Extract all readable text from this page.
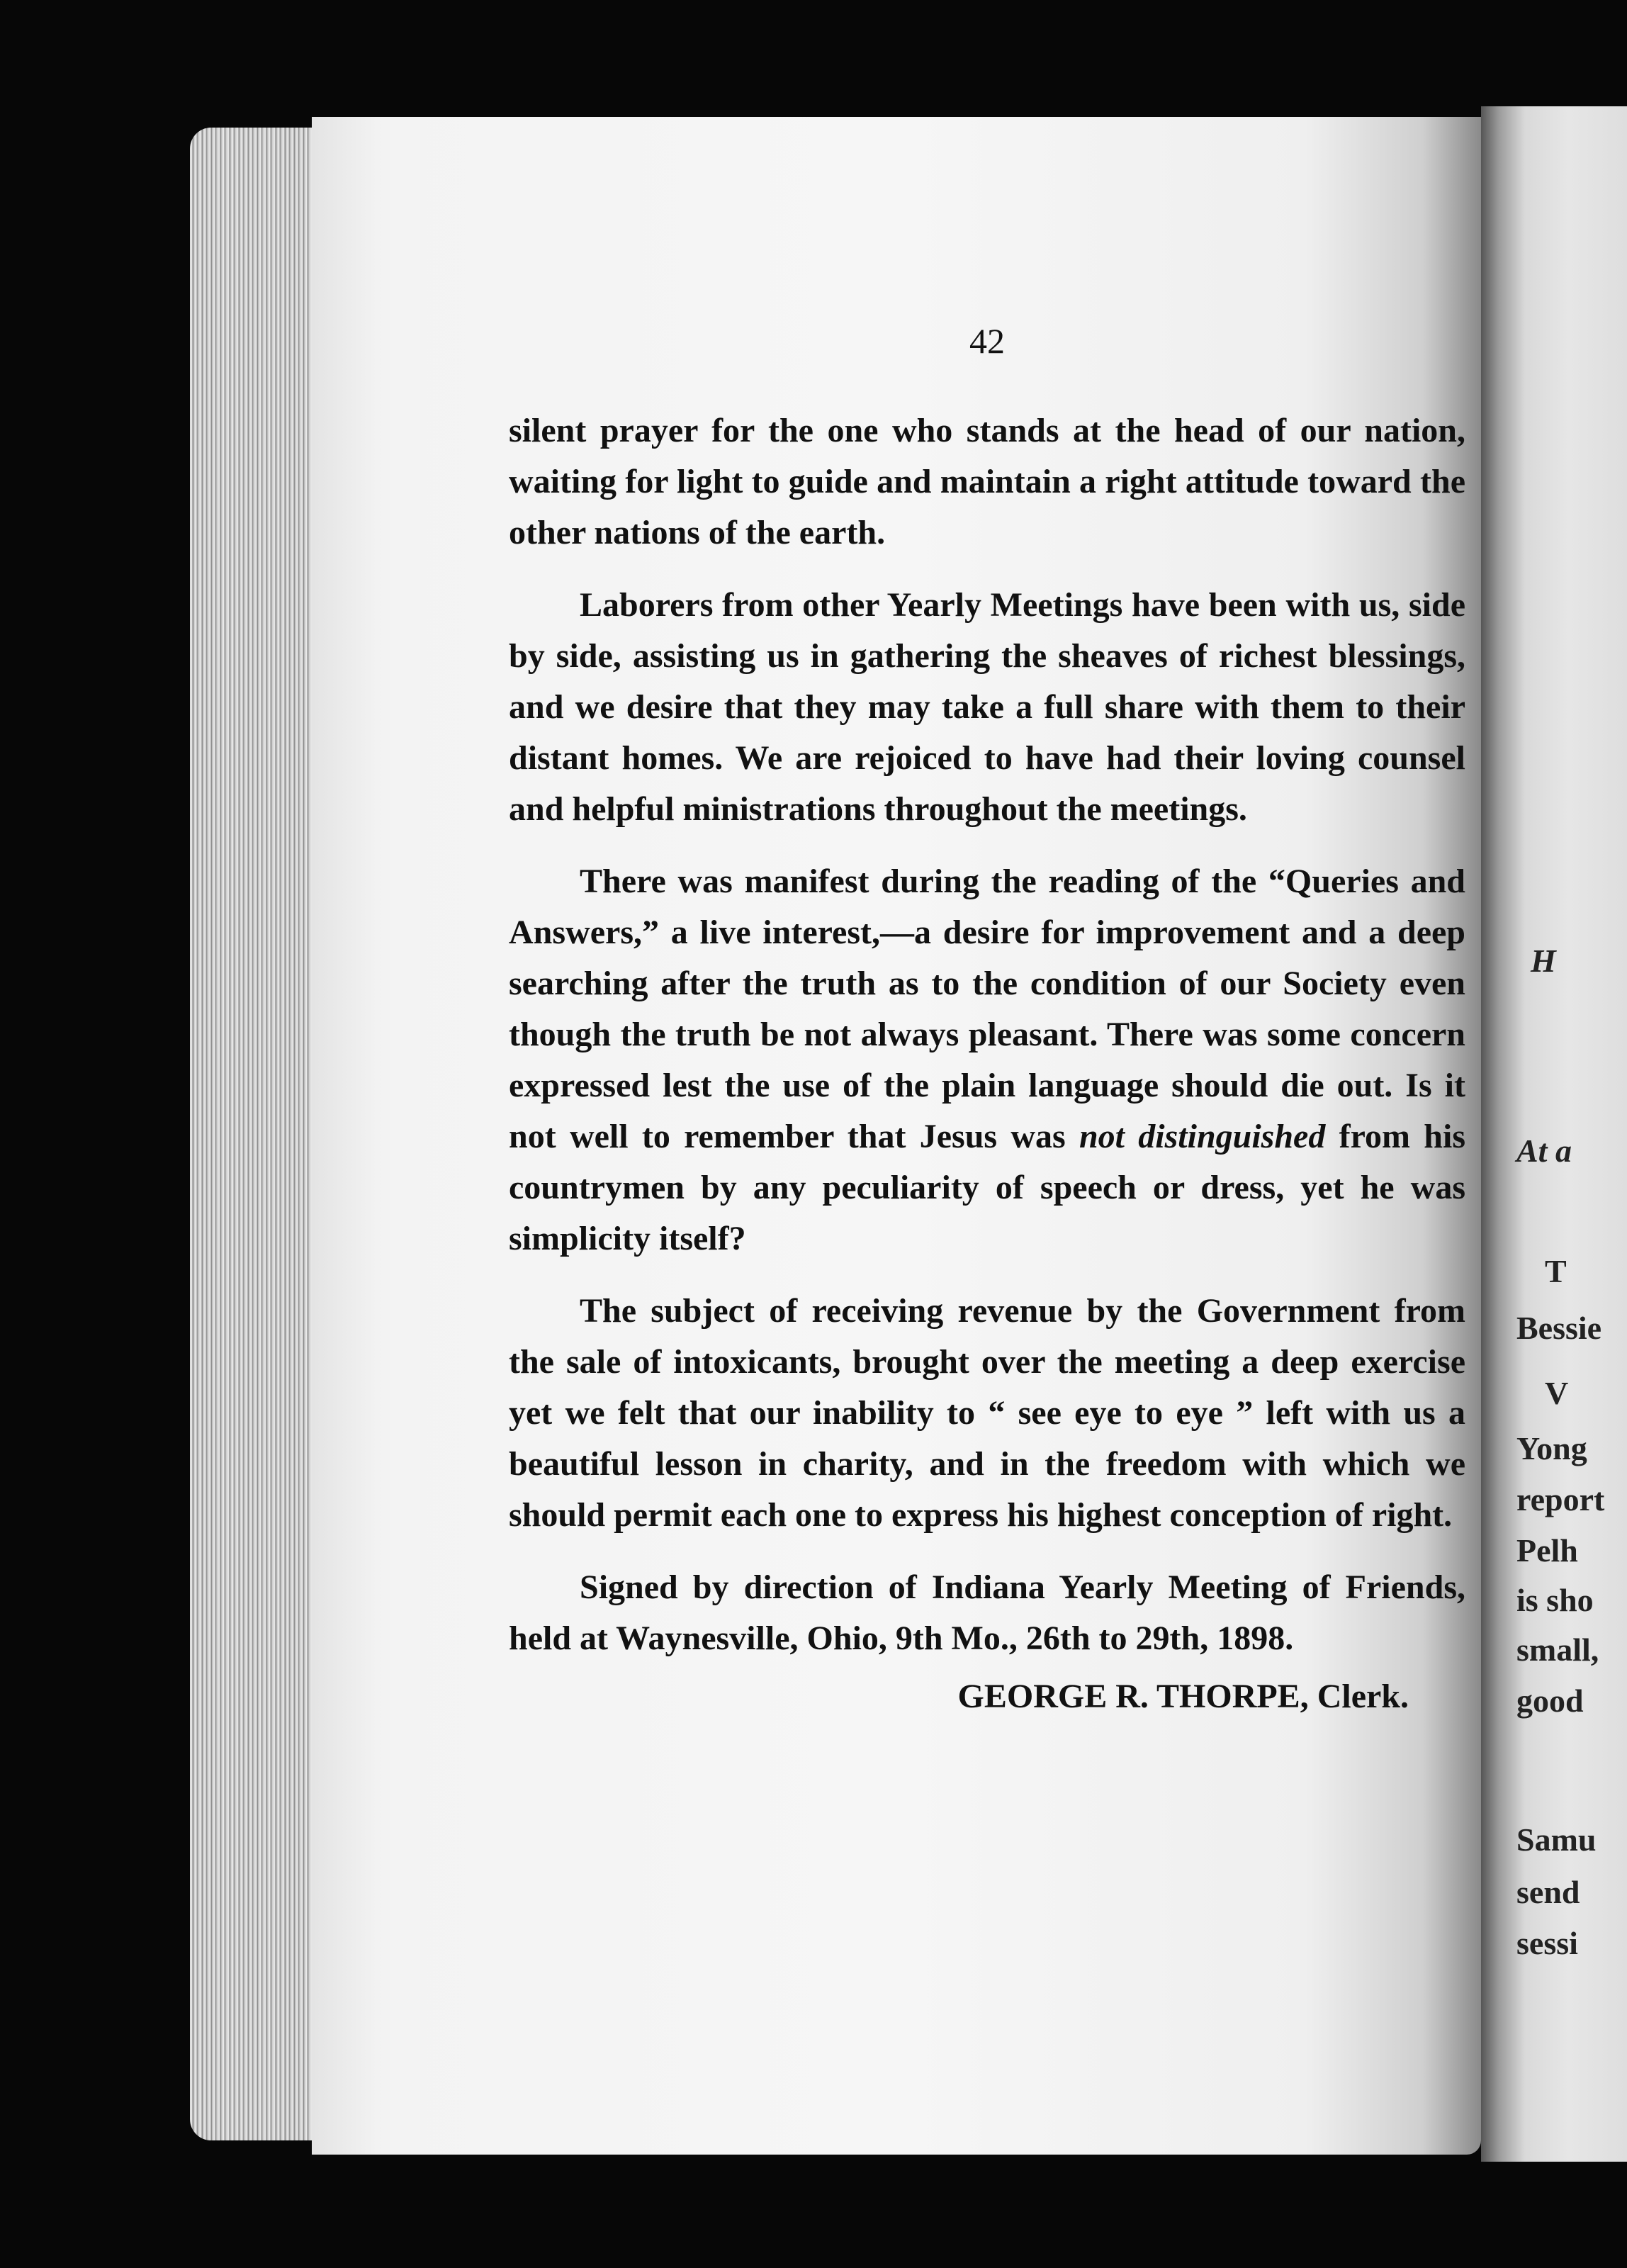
42

silent prayer for the one who stands at the head of our nation, waiting for light to guide and maintain a right attitude toward the other nations of the earth.

Laborers from other Yearly Meetings have been with us, side by side, assisting us in gathering the sheaves of richest blessings, and we desire that they may take a full share with them to their distant homes. We are rejoiced to have had their loving counsel and helpful ministrations throughout the meetings.

There was manifest during the reading of the “Queries and Answers,” a live interest,—a desire for improvement and a deep searching after the truth as to the condition of our Society even though the truth be not always pleasant. There was some concern expressed lest the use of the plain language should die out. Is it not well to remember that Jesus was not distinguished from his countrymen by any peculiarity of speech or dress, yet he was simplicity itself?

The subject of receiving revenue by the Government from the sale of intoxicants, brought over the meeting a deep exercise yet we felt that our inability to “ see eye to eye ” left with us a beautiful lesson in charity, and in the freedom with which we should permit each one to express his highest conception of right.

Signed by direction of Indiana Yearly Meeting of Friends, held at Waynesville, Ohio, 9th Mo., 26th to 29th, 1898.

GEORGE R. THORPE, Clerk.

H
At a
T
Bessie
V
Yong
report
Pelh
is sho
small,
good
Samu
send
sessi
